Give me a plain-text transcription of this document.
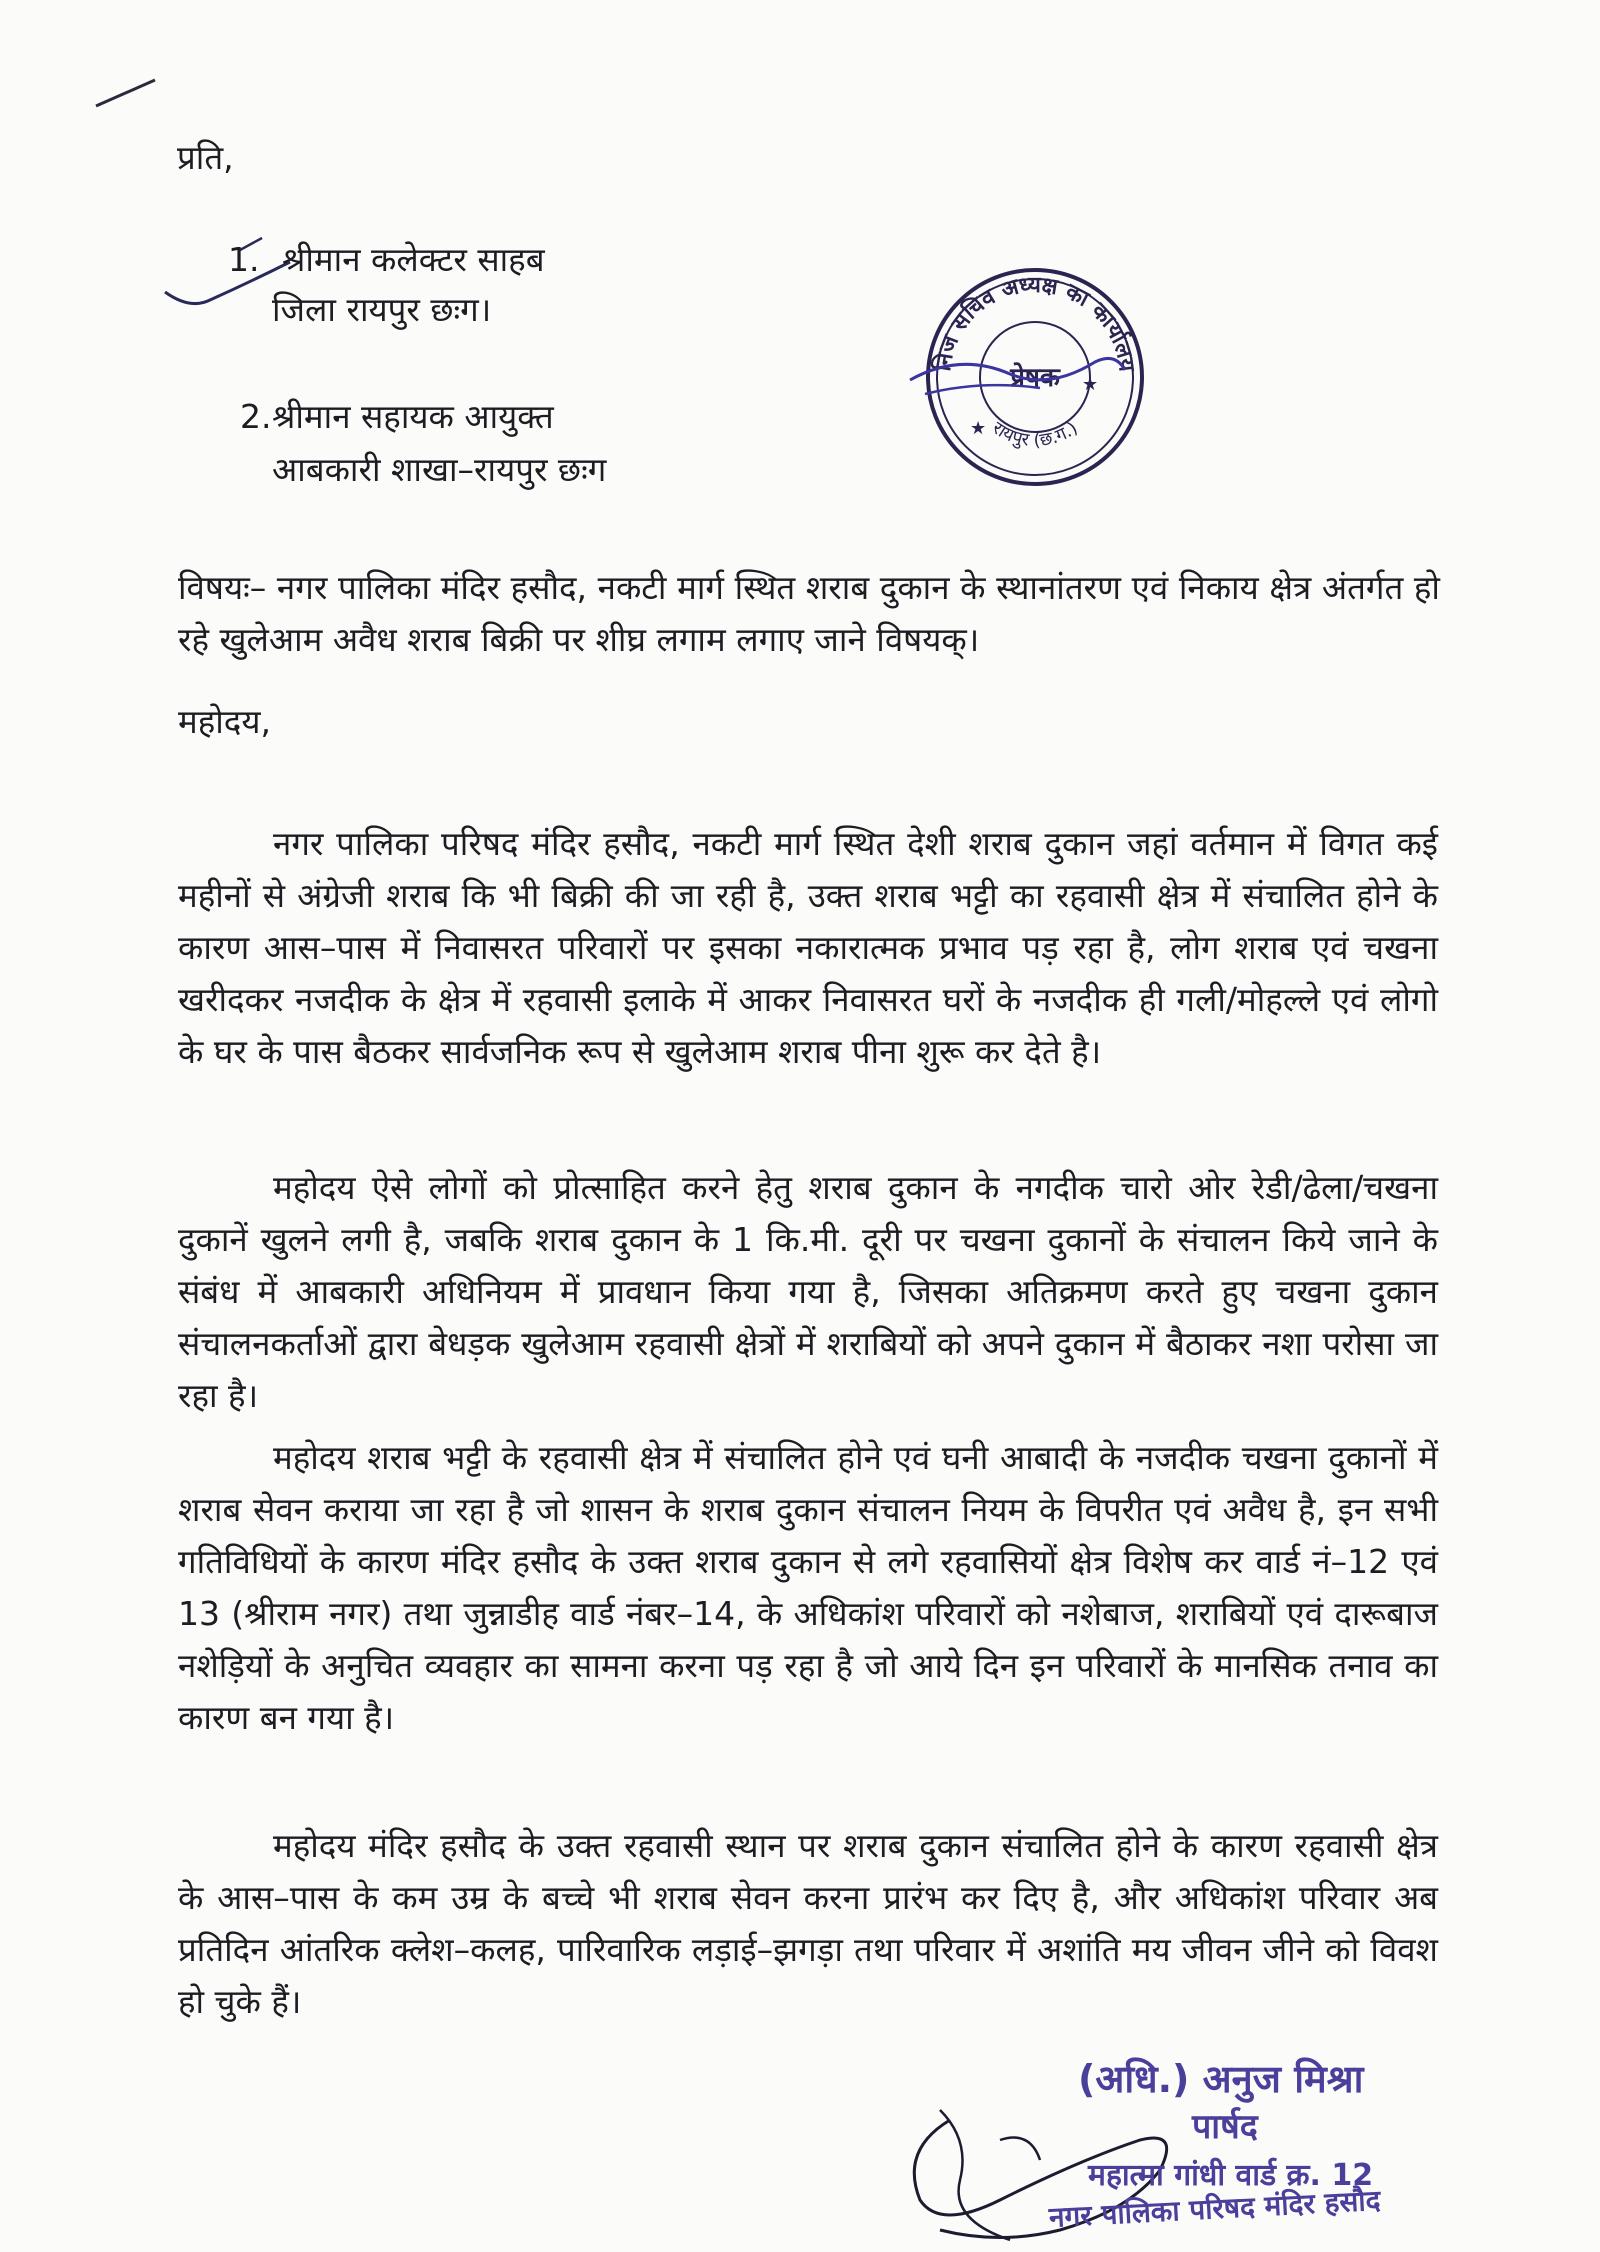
प्रति,
1. श्रीमान कलेक्टर साहब
जिला रायपुर छःग।
2. श्रीमान सहायक आयुक्त
आबकारी शाखा–रायपुर छःग
निज सचिव अध्यक्ष का कार्यालय
रायपुर (छ.ग.)
★
★
प्रेषक
विषयः– नगर पालिका मंदिर हसौद, नकटी मार्ग स्थित शराब दुकान के स्थानांतरण एवं निकाय क्षेत्र अंतर्गत हो रहे खुलेआम अवैध शराब बिक्री पर शीघ्र लगाम लगाए जाने विषयक्।
महोदय,
नगर पालिका परिषद मंदिर हसौद, नकटी मार्ग स्थित देशी शराब दुकान जहां वर्तमान में विगत कई महीनों से अंग्रेजी शराब कि भी बिक्री की जा रही है, उक्त शराब भट्टी का रहवासी क्षेत्र में संचालित होने के कारण आस–पास में निवासरत परिवारों पर इसका नकारात्मक प्रभाव पड़ रहा है, लोग शराब एवं चखना खरीदकर नजदीक के क्षेत्र में रहवासी इलाके में आकर निवासरत घरों के नजदीक ही गली/मोहल्ले एवं लोगो के घर के पास बैठकर सार्वजनिक रूप से खुलेआम शराब पीना शुरू कर देते है।
महोदय ऐसे लोगों को प्रोत्साहित करने हेतु शराब दुकान के नगदीक चारो ओर रेडी/ढेला/चखना दुकानें खुलने लगी है, जबकि शराब दुकान के 1 कि.मी. दूरी पर चखना दुकानों के संचालन किये जाने के संबंध में आबकारी अधिनियम में प्रावधान किया गया है, जिसका अतिक्रमण करते हुए चखना दुकान संचालनकर्ताओं द्वारा बेधड़क खुलेआम रहवासी क्षेत्रों में शराबियों को अपने दुकान में बैठाकर नशा परोसा जा रहा है।
महोदय शराब भट्टी के रहवासी क्षेत्र में संचालित होने एवं घनी आबादी के नजदीक चखना दुकानों में शराब सेवन कराया जा रहा है जो शासन के शराब दुकान संचालन नियम के विपरीत एवं अवैध है, इन सभी गतिविधियों के कारण मंदिर हसौद के उक्त शराब दुकान से लगे रहवासियों क्षेत्र विशेष कर वार्ड नं–12 एवं 13 (श्रीराम नगर) तथा जुन्नाडीह वार्ड नंबर–14, के अधिकांश परिवारों को नशेबाज, शराबियों एवं दारूबाज नशेड़ियों के अनुचित व्यवहार का सामना करना पड़ रहा है जो आये दिन इन परिवारों के मानसिक तनाव का कारण बन गया है।
महोदय मंदिर हसौद के उक्त रहवासी स्थान पर शराब दुकान संचालित होने के कारण रहवासी क्षेत्र के आस–पास के कम उम्र के बच्चे भी शराब सेवन करना प्रारंभ कर दिए है, और अधिकांश परिवार अब प्रतिदिन आंतरिक क्लेश–कलह, पारिवारिक लड़ाई–झगड़ा तथा परिवार में अशांति मय जीवन जीने को विवश हो चुके हैं।
(अधि.) अनुज मिश्रा
पार्षद
महात्मा गांधी वार्ड क्र. 12
नगर पालिका परिषद मंदिर हसौद
